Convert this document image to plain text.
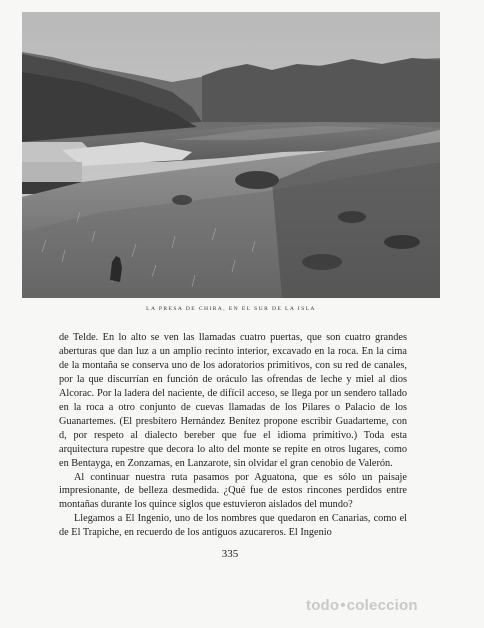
LA PRESA DE CHIRA, EN EL SUR DE LA ISLA

de Telde. En lo alto se ven las llamadas cuatro puertas, que son cuatro grandes aberturas que dan luz a un amplio recinto interior, excavado en la roca. En la cima de la montaña se conserva uno de los adoratorios primitivos, con su red de canales, por la que discurrían en función de oráculo las ofrendas de leche y miel al dios Alcorac. Por la ladera del naciente, de difícil acceso, se llega por un sendero tallado en la roca a otro conjunto de cuevas llamadas de los Pilares o Palacio de los Guanartemes. (El presbítero Hernández Benítez propone escribir Guadarteme, con d, por respeto al dialecto bereber que fue el idioma primitivo.) Toda esta arquitectura rupestre que decora lo alto del monte se repite en otros lugares, como en Bentayga, en Zonzamas, en Lanzarote, sin olvidar el gran cenobio de Valerón.

Al continuar nuestra ruta pasamos por Aguatona, que es sólo un paisaje impresionante, de belleza desmedida. ¿Qué fue de estos rincones perdidos entre montañas durante los quince siglos que estuvieron aislados del mundo?

Llegamos a El Ingenio, uno de los nombres que quedaron en Canarias, como el de El Trapiche, en recuerdo de los antiguos azucareros. El Ingenio

335
todo • coleccion
